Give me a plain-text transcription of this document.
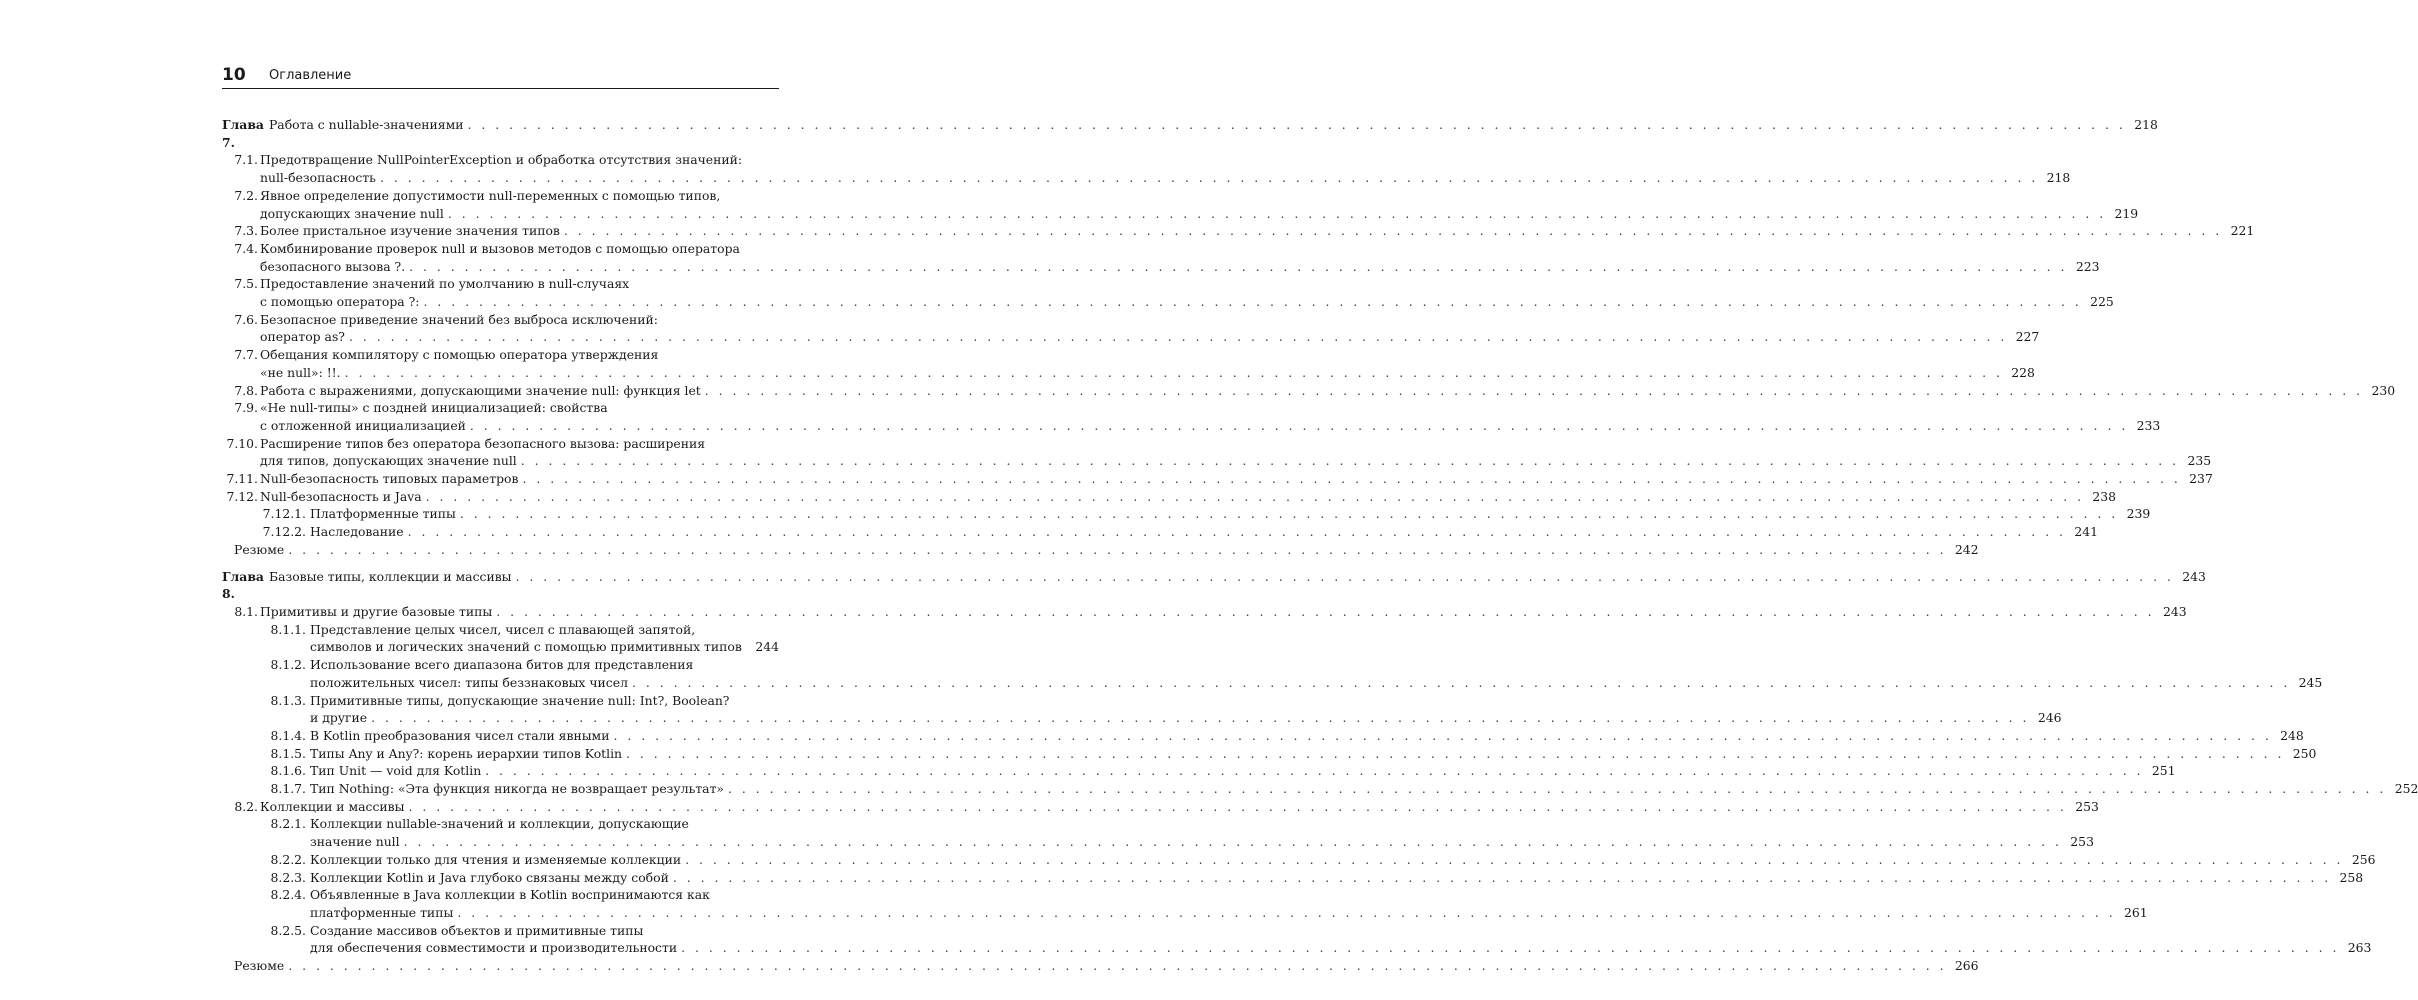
10 Оглавление
Глава 7.
Работа с nullable-значениями . . . . . . . . . . . . . . . . . . . . . . . . . . . . . . . . . . . . . . . . . . . . . . . . . . . . . . . . . . . . . . . . . . . . . . . . . . . . . . . . . . . . . . . . . . . . . . . . . . . . . . . . . . . . . . . . . . . . . . . . 218
7.1. Предотвращение NullPointerException и обработка отсутствия значений:
null-безопасность . . . . . . . . . . . . . . . . . . . . . . . . . . . . . . . . . . . . . . . . . . . . . . . . . . . . . . . . . . . . . . . . . . . . . . . . . . . . . . . . . . . . . . . . . . . . . . . . . . . . . . . . . . . . . . . . . . . . . . . . 218
7.2. Явное определение допустимости null-переменных с помощью типов,
допускающих значение null . . . . . . . . . . . . . . . . . . . . . . . . . . . . . . . . . . . . . . . . . . . . . . . . . . . . . . . . . . . . . . . . . . . . . . . . . . . . . . . . . . . . . . . . . . . . . . . . . . . . . . . . . . . . . . . . . . . . . . . . 219
7.3. Более пристальное изучение значения типов . . . . . . . . . . . . . . . . . . . . . . . . . . . . . . . . . . . . . . . . . . . . . . . . . . . . . . . . . . . . . . . . . . . . . . . . . . . . . . . . . . . . . . . . . . . . . . . . . . . . . . . . . . . . . . . . . . . . . . . . 221
7.4. Комбинирование проверок null и вызовов методов с помощью оператора
безопасного вызова ?. . . . . . . . . . . . . . . . . . . . . . . . . . . . . . . . . . . . . . . . . . . . . . . . . . . . . . . . . . . . . . . . . . . . . . . . . . . . . . . . . . . . . . . . . . . . . . . . . . . . . . . . . . . . . . . . . . . . . . . . . 223
7.5. Предоставление значений по умолчанию в null-случаях
с помощью оператора ?: . . . . . . . . . . . . . . . . . . . . . . . . . . . . . . . . . . . . . . . . . . . . . . . . . . . . . . . . . . . . . . . . . . . . . . . . . . . . . . . . . . . . . . . . . . . . . . . . . . . . . . . . . . . . . . . . . . . . . . . . 225
7.6. Безопасное приведение значений без выброса исключений:
оператор as? . . . . . . . . . . . . . . . . . . . . . . . . . . . . . . . . . . . . . . . . . . . . . . . . . . . . . . . . . . . . . . . . . . . . . . . . . . . . . . . . . . . . . . . . . . . . . . . . . . . . . . . . . . . . . . . . . . . . . . . . 227
7.7. Обещания компилятору с помощью оператора утверждения
«не null»: !!. . . . . . . . . . . . . . . . . . . . . . . . . . . . . . . . . . . . . . . . . . . . . . . . . . . . . . . . . . . . . . . . . . . . . . . . . . . . . . . . . . . . . . . . . . . . . . . . . . . . . . . . . . . . . . . . . . . . . . . . . 228
7.8. Работа с выражениями, допускающими значение null: функция let . . . . . . . . . . . . . . . . . . . . . . . . . . . . . . . . . . . . . . . . . . . . . . . . . . . . . . . . . . . . . . . . . . . . . . . . . . . . . . . . . . . . . . . . . . . . . . . . . . . . . . . . . . . . . . . . . . . . . . . . 230
7.9. «Не null-типы» с поздней инициализацией: свойства
с отложенной инициализацией . . . . . . . . . . . . . . . . . . . . . . . . . . . . . . . . . . . . . . . . . . . . . . . . . . . . . . . . . . . . . . . . . . . . . . . . . . . . . . . . . . . . . . . . . . . . . . . . . . . . . . . . . . . . . . . . . . . . . . . . 233
7.10. Расширение типов без оператора безопасного вызова: расширения
для типов, допускающих значение null . . . . . . . . . . . . . . . . . . . . . . . . . . . . . . . . . . . . . . . . . . . . . . . . . . . . . . . . . . . . . . . . . . . . . . . . . . . . . . . . . . . . . . . . . . . . . . . . . . . . . . . . . . . . . . . . . . . . . . . . 235
7.11. Null-безопасность типовых параметров . . . . . . . . . . . . . . . . . . . . . . . . . . . . . . . . . . . . . . . . . . . . . . . . . . . . . . . . . . . . . . . . . . . . . . . . . . . . . . . . . . . . . . . . . . . . . . . . . . . . . . . . . . . . . . . . . . . . . . . . 237
7.12. Null-безопасность и Java . . . . . . . . . . . . . . . . . . . . . . . . . . . . . . . . . . . . . . . . . . . . . . . . . . . . . . . . . . . . . . . . . . . . . . . . . . . . . . . . . . . . . . . . . . . . . . . . . . . . . . . . . . . . . . . . . . . . . . . . 238
7.12.1. Платформенные типы . . . . . . . . . . . . . . . . . . . . . . . . . . . . . . . . . . . . . . . . . . . . . . . . . . . . . . . . . . . . . . . . . . . . . . . . . . . . . . . . . . . . . . . . . . . . . . . . . . . . . . . . . . . . . . . . . . . . . . . . 239
7.12.2. Наследование . . . . . . . . . . . . . . . . . . . . . . . . . . . . . . . . . . . . . . . . . . . . . . . . . . . . . . . . . . . . . . . . . . . . . . . . . . . . . . . . . . . . . . . . . . . . . . . . . . . . . . . . . . . . . . . . . . . . . . . . 241
Резюме . . . . . . . . . . . . . . . . . . . . . . . . . . . . . . . . . . . . . . . . . . . . . . . . . . . . . . . . . . . . . . . . . . . . . . . . . . . . . . . . . . . . . . . . . . . . . . . . . . . . . . . . . . . . . . . . . . . . . . . . 242
Глава 8.
Базовые типы, коллекции и массивы . . . . . . . . . . . . . . . . . . . . . . . . . . . . . . . . . . . . . . . . . . . . . . . . . . . . . . . . . . . . . . . . . . . . . . . . . . . . . . . . . . . . . . . . . . . . . . . . . . . . . . . . . . . . . . . . . . . . . . . . 243
8.1. Примитивы и другие базовые типы . . . . . . . . . . . . . . . . . . . . . . . . . . . . . . . . . . . . . . . . . . . . . . . . . . . . . . . . . . . . . . . . . . . . . . . . . . . . . . . . . . . . . . . . . . . . . . . . . . . . . . . . . . . . . . . . . . . . . . . . 243
8.1.1. Представление целых чисел, чисел с плавающей запятой,
символов и логических значений с помощью примитивных типов	244
8.1.2. Использование всего диапазона битов для представления
положительных чисел: типы беззнаковых чисел . . . . . . . . . . . . . . . . . . . . . . . . . . . . . . . . . . . . . . . . . . . . . . . . . . . . . . . . . . . . . . . . . . . . . . . . . . . . . . . . . . . . . . . . . . . . . . . . . . . . . . . . . . . . . . . . . . . . . . . . 245
8.1.3. Примитивные типы, допускающие значение null: Int?, Boolean?
и другие . . . . . . . . . . . . . . . . . . . . . . . . . . . . . . . . . . . . . . . . . . . . . . . . . . . . . . . . . . . . . . . . . . . . . . . . . . . . . . . . . . . . . . . . . . . . . . . . . . . . . . . . . . . . . . . . . . . . . . . . 246
8.1.4. В Kotlin преобразования чисел стали явными . . . . . . . . . . . . . . . . . . . . . . . . . . . . . . . . . . . . . . . . . . . . . . . . . . . . . . . . . . . . . . . . . . . . . . . . . . . . . . . . . . . . . . . . . . . . . . . . . . . . . . . . . . . . . . . . . . . . . . . . 248
8.1.5. Типы Any и Any?: корень иерархии типов Kotlin . . . . . . . . . . . . . . . . . . . . . . . . . . . . . . . . . . . . . . . . . . . . . . . . . . . . . . . . . . . . . . . . . . . . . . . . . . . . . . . . . . . . . . . . . . . . . . . . . . . . . . . . . . . . . . . . . . . . . . . . 250
8.1.6. Тип Unit — void для Kotlin . . . . . . . . . . . . . . . . . . . . . . . . . . . . . . . . . . . . . . . . . . . . . . . . . . . . . . . . . . . . . . . . . . . . . . . . . . . . . . . . . . . . . . . . . . . . . . . . . . . . . . . . . . . . . . . . . . . . . . . . 251
8.1.7. Тип Nothing: «Эта функция никогда не возвращает результат» . . . . . . . . . . . . . . . . . . . . . . . . . . . . . . . . . . . . . . . . . . . . . . . . . . . . . . . . . . . . . . . . . . . . . . . . . . . . . . . . . . . . . . . . . . . . . . . . . . . . . . . . . . . . . . . . . . . . . . . . 252
8.2. Коллекции и массивы . . . . . . . . . . . . . . . . . . . . . . . . . . . . . . . . . . . . . . . . . . . . . . . . . . . . . . . . . . . . . . . . . . . . . . . . . . . . . . . . . . . . . . . . . . . . . . . . . . . . . . . . . . . . . . . . . . . . . . . . 253
8.2.1. Коллекции nullable-значений и коллекции, допускающие
значение null . . . . . . . . . . . . . . . . . . . . . . . . . . . . . . . . . . . . . . . . . . . . . . . . . . . . . . . . . . . . . . . . . . . . . . . . . . . . . . . . . . . . . . . . . . . . . . . . . . . . . . . . . . . . . . . . . . . . . . . . 253
8.2.2. Коллекции только для чтения и изменяемые коллекции . . . . . . . . . . . . . . . . . . . . . . . . . . . . . . . . . . . . . . . . . . . . . . . . . . . . . . . . . . . . . . . . . . . . . . . . . . . . . . . . . . . . . . . . . . . . . . . . . . . . . . . . . . . . . . . . . . . . . . . . 256
8.2.3. Коллекции Kotlin и Java глубоко связаны между собой . . . . . . . . . . . . . . . . . . . . . . . . . . . . . . . . . . . . . . . . . . . . . . . . . . . . . . . . . . . . . . . . . . . . . . . . . . . . . . . . . . . . . . . . . . . . . . . . . . . . . . . . . . . . . . . . . . . . . . . . 258
8.2.4. Объявленные в Java коллекции в Kotlin воспринимаются как
платформенные типы . . . . . . . . . . . . . . . . . . . . . . . . . . . . . . . . . . . . . . . . . . . . . . . . . . . . . . . . . . . . . . . . . . . . . . . . . . . . . . . . . . . . . . . . . . . . . . . . . . . . . . . . . . . . . . . . . . . . . . . . 261
8.2.5. Создание массивов объектов и примитивные типы
для обеспечения совместимости и производительности . . . . . . . . . . . . . . . . . . . . . . . . . . . . . . . . . . . . . . . . . . . . . . . . . . . . . . . . . . . . . . . . . . . . . . . . . . . . . . . . . . . . . . . . . . . . . . . . . . . . . . . . . . . . . . . . . . . . . . . . 263
Резюме . . . . . . . . . . . . . . . . . . . . . . . . . . . . . . . . . . . . . . . . . . . . . . . . . . . . . . . . . . . . . . . . . . . . . . . . . . . . . . . . . . . . . . . . . . . . . . . . . . . . . . . . . . . . . . . . . . . . . . . . 266
